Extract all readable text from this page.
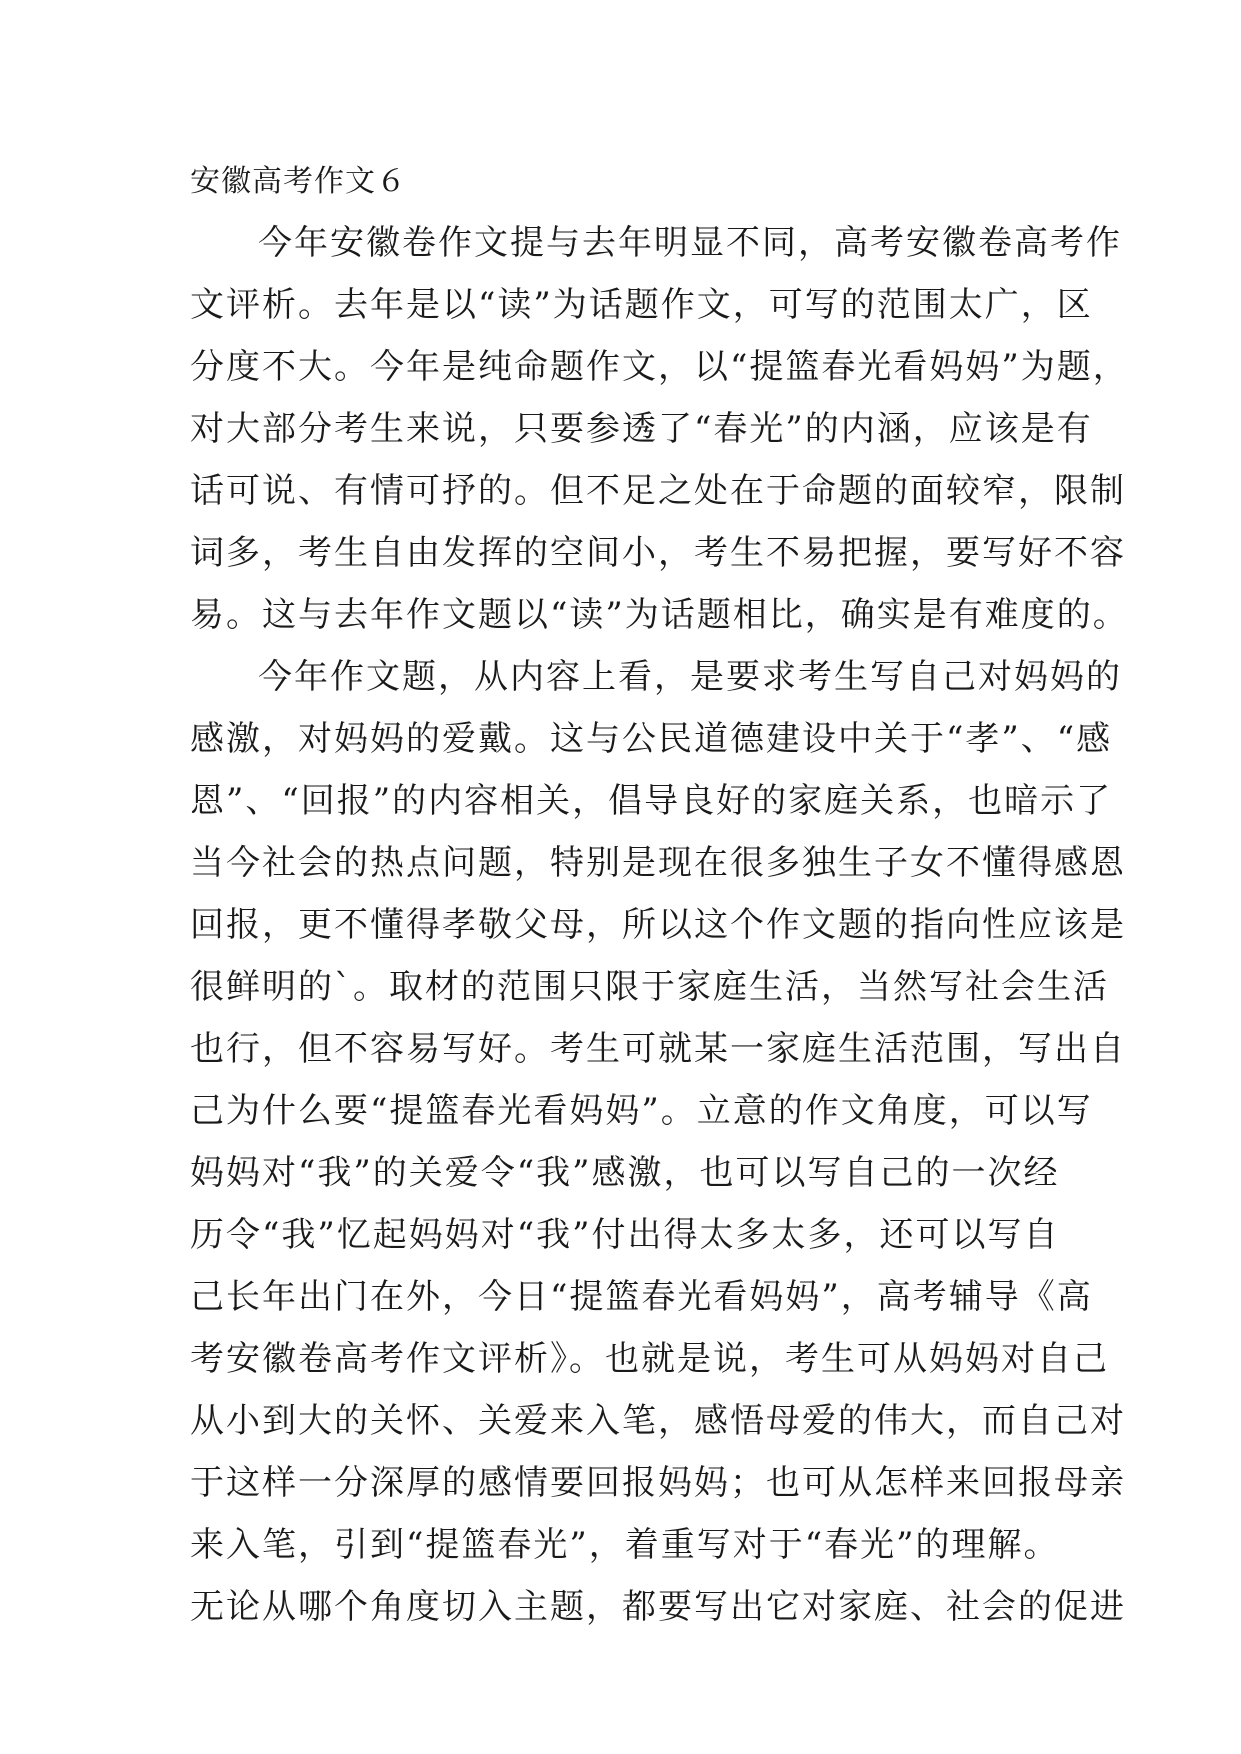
安徽高考作文６
今年安徽卷作文提与去年明显不同，高考安徽卷高考作
文评析。去年是以“读”为话题作文，可写的范围太广，区
分度不大。今年是纯命题作文，以“提篮春光看妈妈”为题，
对大部分考生来说，只要参透了“春光”的内涵，应该是有
话可说、有情可抒的。但不足之处在于命题的面较窄，限制
词多，考生自由发挥的空间小，考生不易把握，要写好不容
易。这与去年作文题以“读”为话题相比，确实是有难度的。
今年作文题，从内容上看，是要求考生写自己对妈妈的
感激，对妈妈的爱戴。这与公民道德建设中关于“孝”、“感
恩”、“回报”的内容相关，倡导良好的家庭关系，也暗示了
当今社会的热点问题，特别是现在很多独生子女不懂得感恩
回报，更不懂得孝敬父母，所以这个作文题的指向性应该是
很鲜明的`。取材的范围只限于家庭生活，当然写社会生活
也行，但不容易写好。考生可就某一家庭生活范围，写出自
己为什么要“提篮春光看妈妈”。立意的作文角度，可以写
妈妈对“我”的关爱令“我”感激，也可以写自己的一次经
历令“我”忆起妈妈对“我”付出得太多太多，还可以写自
己长年出门在外，今日“提篮春光看妈妈”，高考辅导《高
考安徽卷高考作文评析》。也就是说，考生可从妈妈对自己
从小到大的关怀、关爱来入笔，感悟母爱的伟大，而自己对
于这样一分深厚的感情要回报妈妈；也可从怎样来回报母亲
来入笔，引到“提篮春光”，着重写对于“春光”的理解。
无论从哪个角度切入主题，都要写出它对家庭、社会的促进
